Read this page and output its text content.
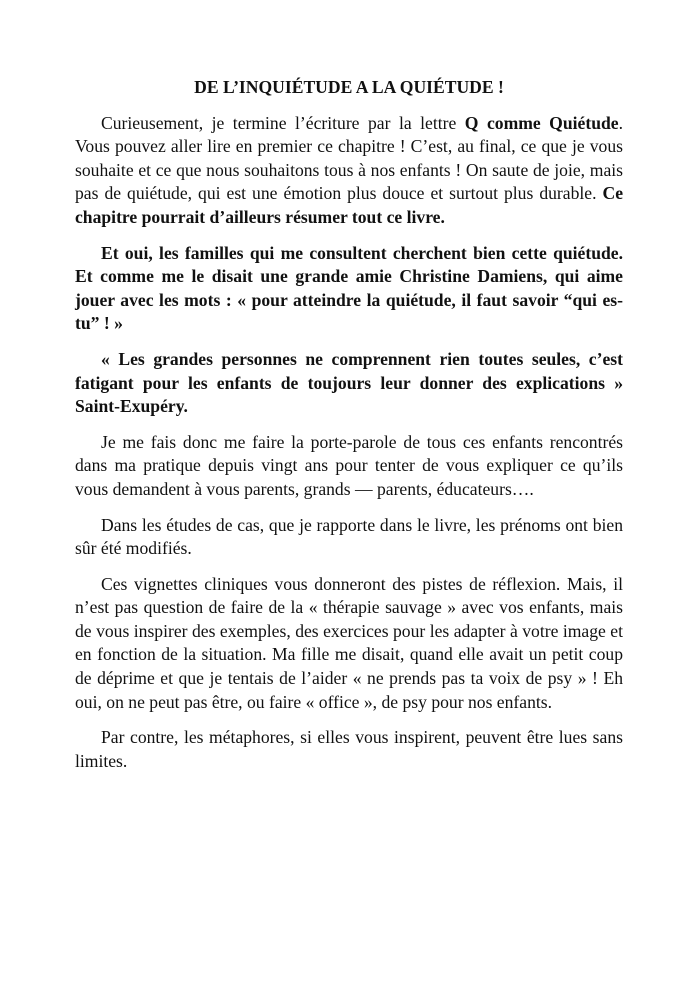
DE L’INQUIÉTUDE A LA QUIÉTUDE !

Curieusement, je termine l’écriture par la lettre Q comme Quiétude. Vous pouvez aller lire en premier ce chapitre ! C’est, au final, ce que je vous souhaite et ce que nous souhaitons tous à nos enfants ! On saute de joie, mais pas de quiétude, qui est une émotion plus douce et surtout plus durable. Ce chapitre pourrait d’ailleurs résumer tout ce livre.

Et oui, les familles qui me consultent cherchent bien cette quiétude. Et comme me le disait une grande amie Christine Damiens, qui aime jouer avec les mots : « pour atteindre la quiétude, il faut savoir “qui es-tu” ! »

« Les grandes personnes ne comprennent rien toutes seules, c’est fatigant pour les enfants de toujours leur donner des explications » Saint-Exupéry.

Je me fais donc me faire la porte-parole de tous ces enfants rencontrés dans ma pratique depuis vingt ans pour tenter de vous expliquer ce qu’ils vous demandent à vous parents, grands — parents, éducateurs….

Dans les études de cas, que je rapporte dans le livre, les prénoms ont bien sûr été modifiés.

Ces vignettes cliniques vous donneront des pistes de réflexion. Mais, il n’est pas question de faire de la « thérapie sauvage » avec vos enfants, mais de vous inspirer des exemples, des exercices pour les adapter à votre image et en fonction de la situation. Ma fille me disait, quand elle avait un petit coup de déprime et que je tentais de l’aider « ne prends pas ta voix de psy » ! Eh oui, on ne peut pas être, ou faire « office », de psy pour nos enfants.

Par contre, les métaphores, si elles vous inspirent, peuvent être lues sans limites.
